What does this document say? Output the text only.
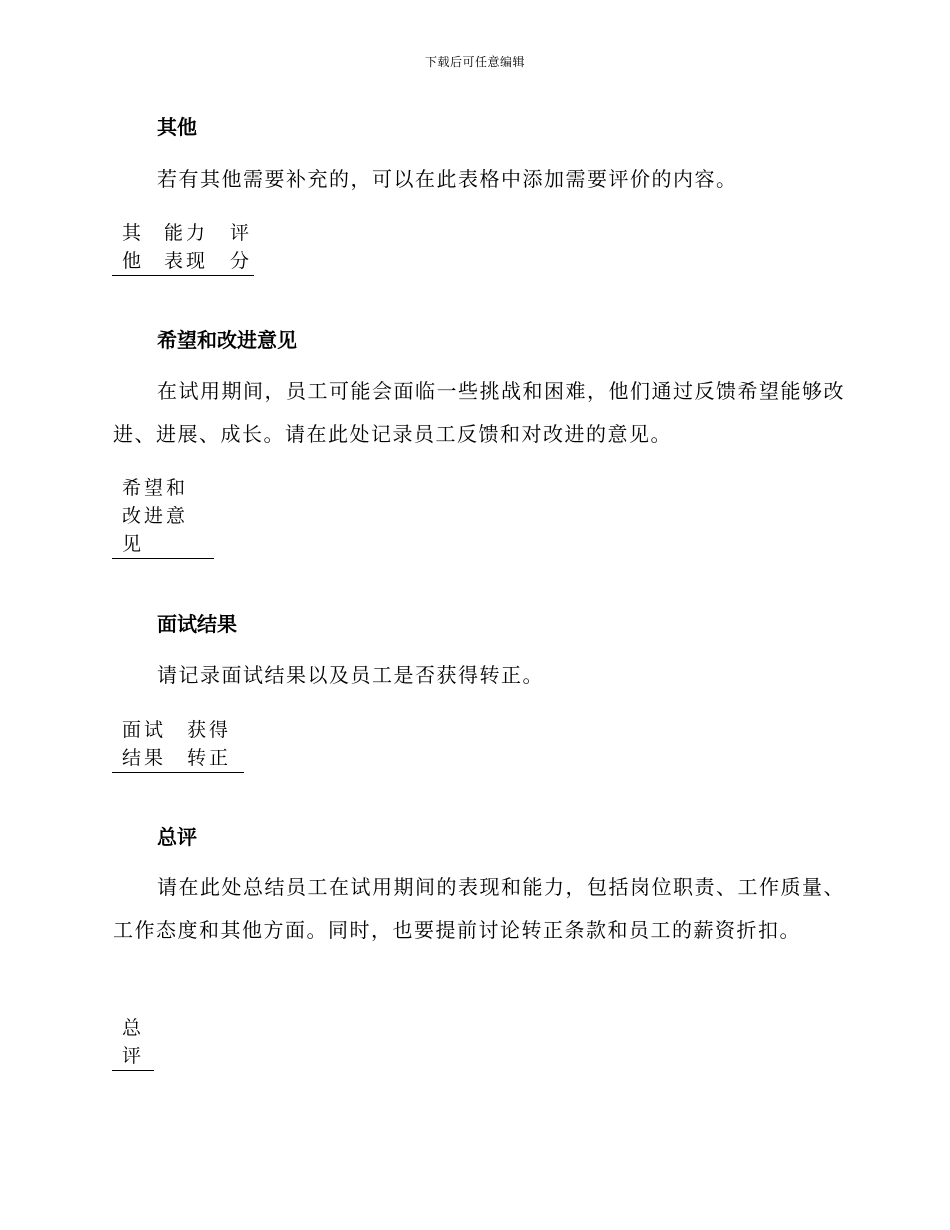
下载后可任意编辑
其他

若有其他需要补充的，可以在此表格中添加需要评价的内容。

其
他
能力
表现
评
分
希望和改进意见

在试用期间，员工可能会面临一些挑战和困难，他们通过反馈希望能够改进、进展、成长。请在此处记录员工反馈和对改进的意见。

希望和
改进意
见
面试结果

请记录面试结果以及员工是否获得转正。

面试
结果
获得
转正
总评

请在此处总结员工在试用期间的表现和能力，包括岗位职责、工作质量、工作态度和其他方面。同时，也要提前讨论转正条款和员工的薪资折扣。

总
评
